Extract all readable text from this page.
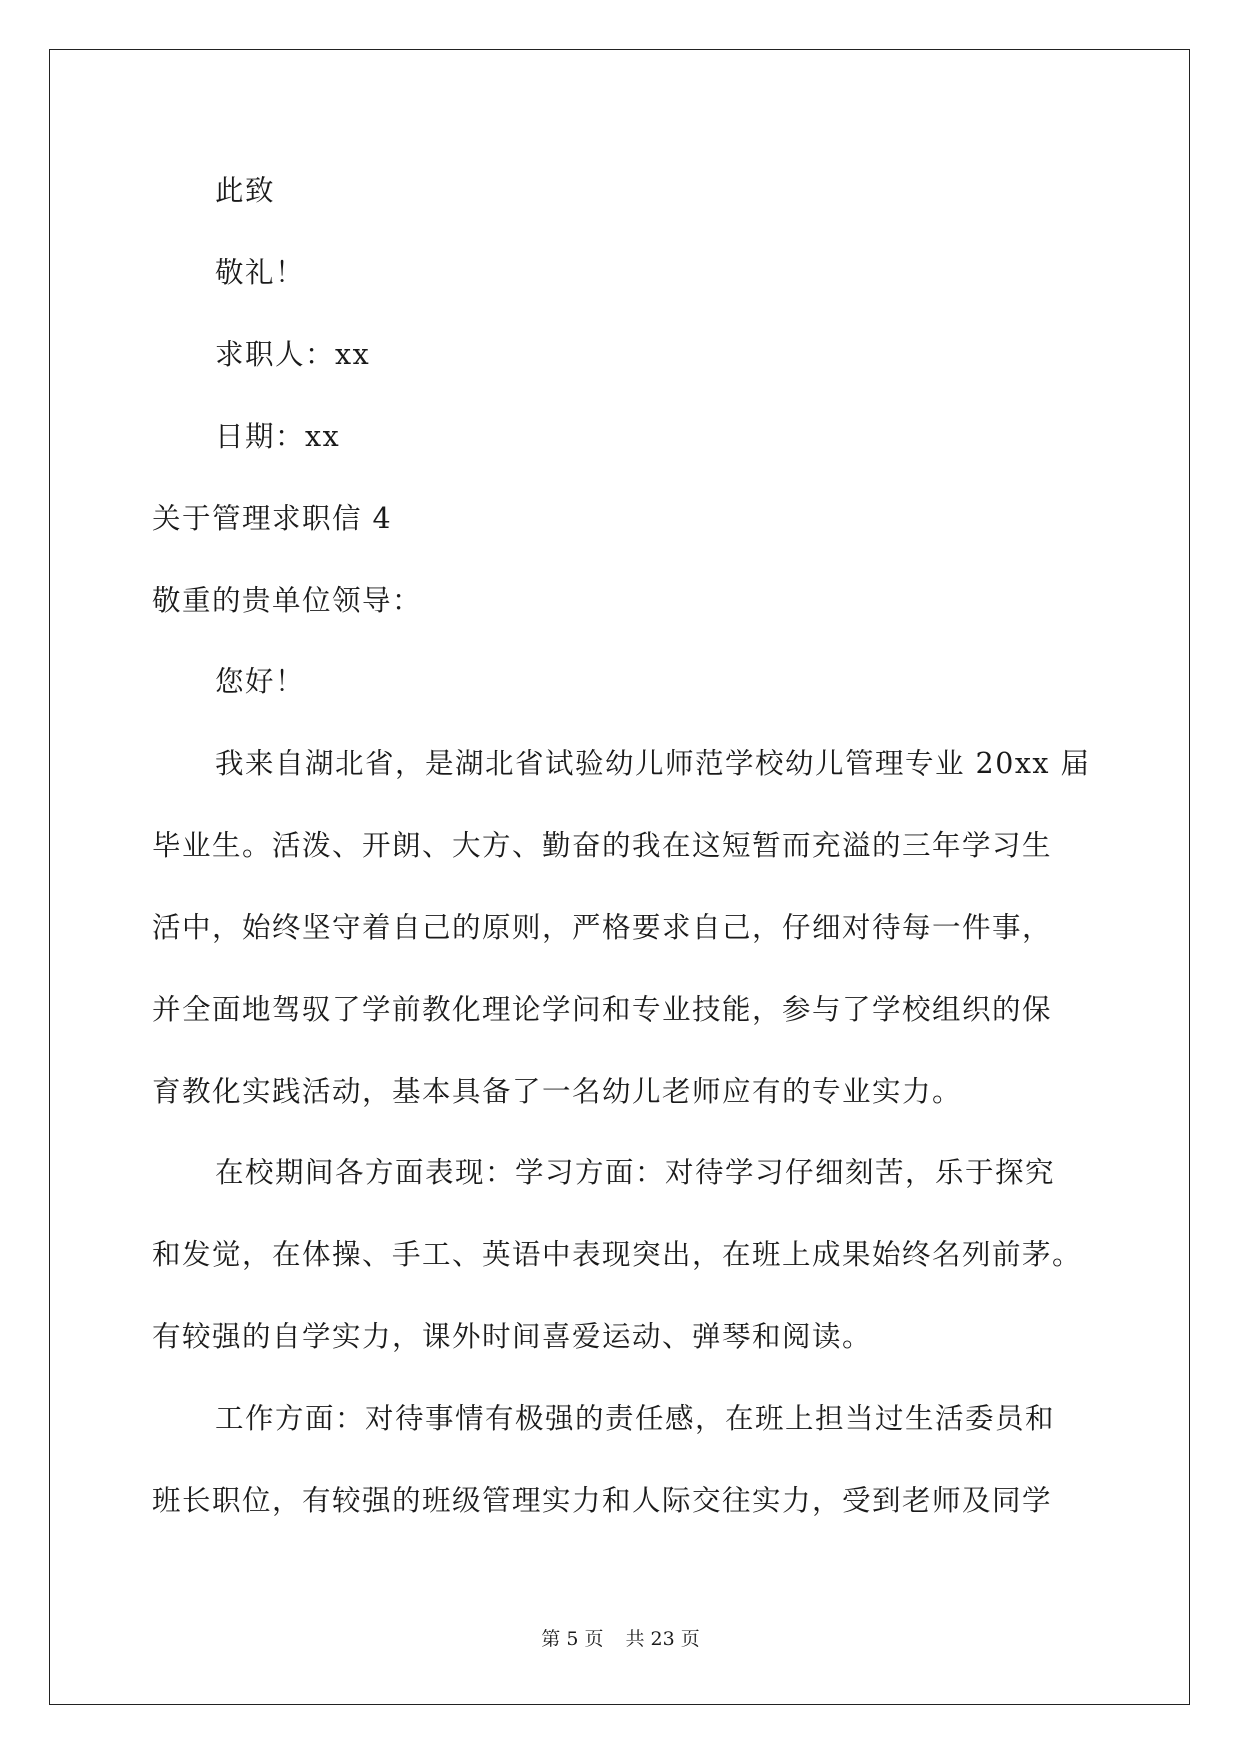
此致
敬礼！
求职人：xx
日期：xx
关于管理求职信 4
敬重的贵单位领导：
您好！
我来自湖北省，是湖北省试验幼儿师范学校幼儿管理专业 20xx 届
毕业生。活泼、开朗、大方、勤奋的我在这短暂而充溢的三年学习生
活中，始终坚守着自己的原则，严格要求自己，仔细对待每一件事，
并全面地驾驭了学前教化理论学问和专业技能，参与了学校组织的保
育教化实践活动，基本具备了一名幼儿老师应有的专业实力。
在校期间各方面表现：学习方面：对待学习仔细刻苦，乐于探究
和发觉，在体操、手工、英语中表现突出，在班上成果始终名列前茅。
有较强的自学实力，课外时间喜爱运动、弹琴和阅读。
工作方面：对待事情有极强的责任感，在班上担当过生活委员和
班长职位，有较强的班级管理实力和人际交往实力，受到老师及同学
第 5 页 共 23 页
